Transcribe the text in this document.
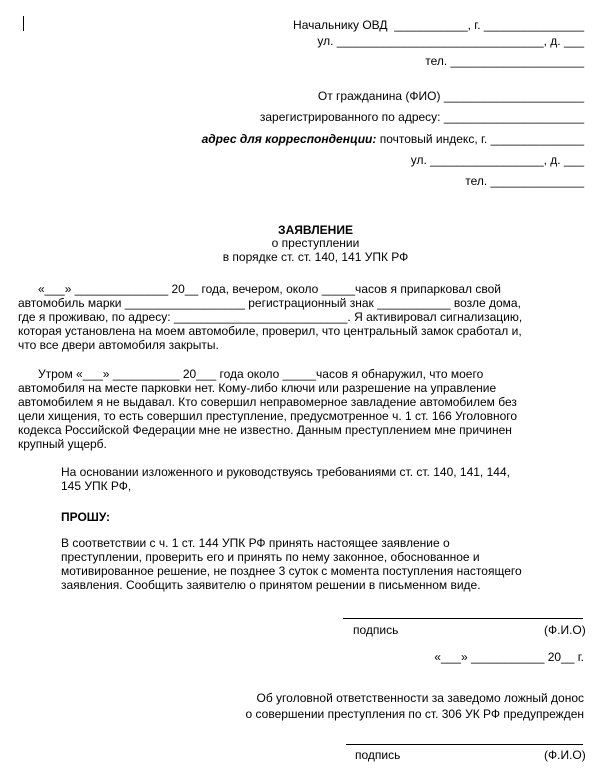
Начальнику ОВД  ___________, г. _______________
ул. _______________________________, д. ___
тел. ____________________
От гражданина (ФИО) _____________________
зарегистрированного по адресу: _____________________
адрес для корреспонденции: почтовый индекс, г. ______________
ул. _________________, д. ___
тел. ______________
ЗАЯВЛЕНИЕ
о преступлении
в порядке ст. ст. 140, 141 УПК РФ
«___» ______________ 20__ года, вечером, около _____часов я припарковал свой
автомобиль марки __________________ регистрационный знак ___________ возле дома,
где я проживаю, по адресу: __________________________. Я активировал сигнализацию,
которая установлена на моем автомобиле, проверил, что центральный замок сработал и,
что все двери автомобиля закрыты.
Утром «___» __________ 20___ года около _____часов я обнаружил, что моего
автомобиля на месте парковки нет. Кому-либо ключи или разрешение на управление
автомобилем я не выдавал. Кто совершил неправомерное завладение автомобилем без
цели хищения, то есть совершил преступление, предусмотренное ч. 1 ст. 166 Уголовного
кодекса Российской Федерации мне не известно. Данным преступлением мне причинен
крупный ущерб.
На основании изложенного и руководствуясь требованиями ст. ст. 140, 141, 144,
145 УПК РФ,
ПРОШУ:
В соответствии с ч. 1 ст. 144 УПК РФ принять настоящее заявление о
преступлении, проверить его и принять по нему законное, обоснованное и
мотивированное решение, не позднее 3 суток с момента поступления настоящего
заявления. Сообщить заявителю о принятом решении в письменном виде.
подпись	(Ф.И.О)
«___» ___________ 20__ г.
Об уголовной ответственности за заведомо ложный донос
о совершении преступления по ст. 306 УК РФ предупрежден
подпись	(Ф.И.О)
